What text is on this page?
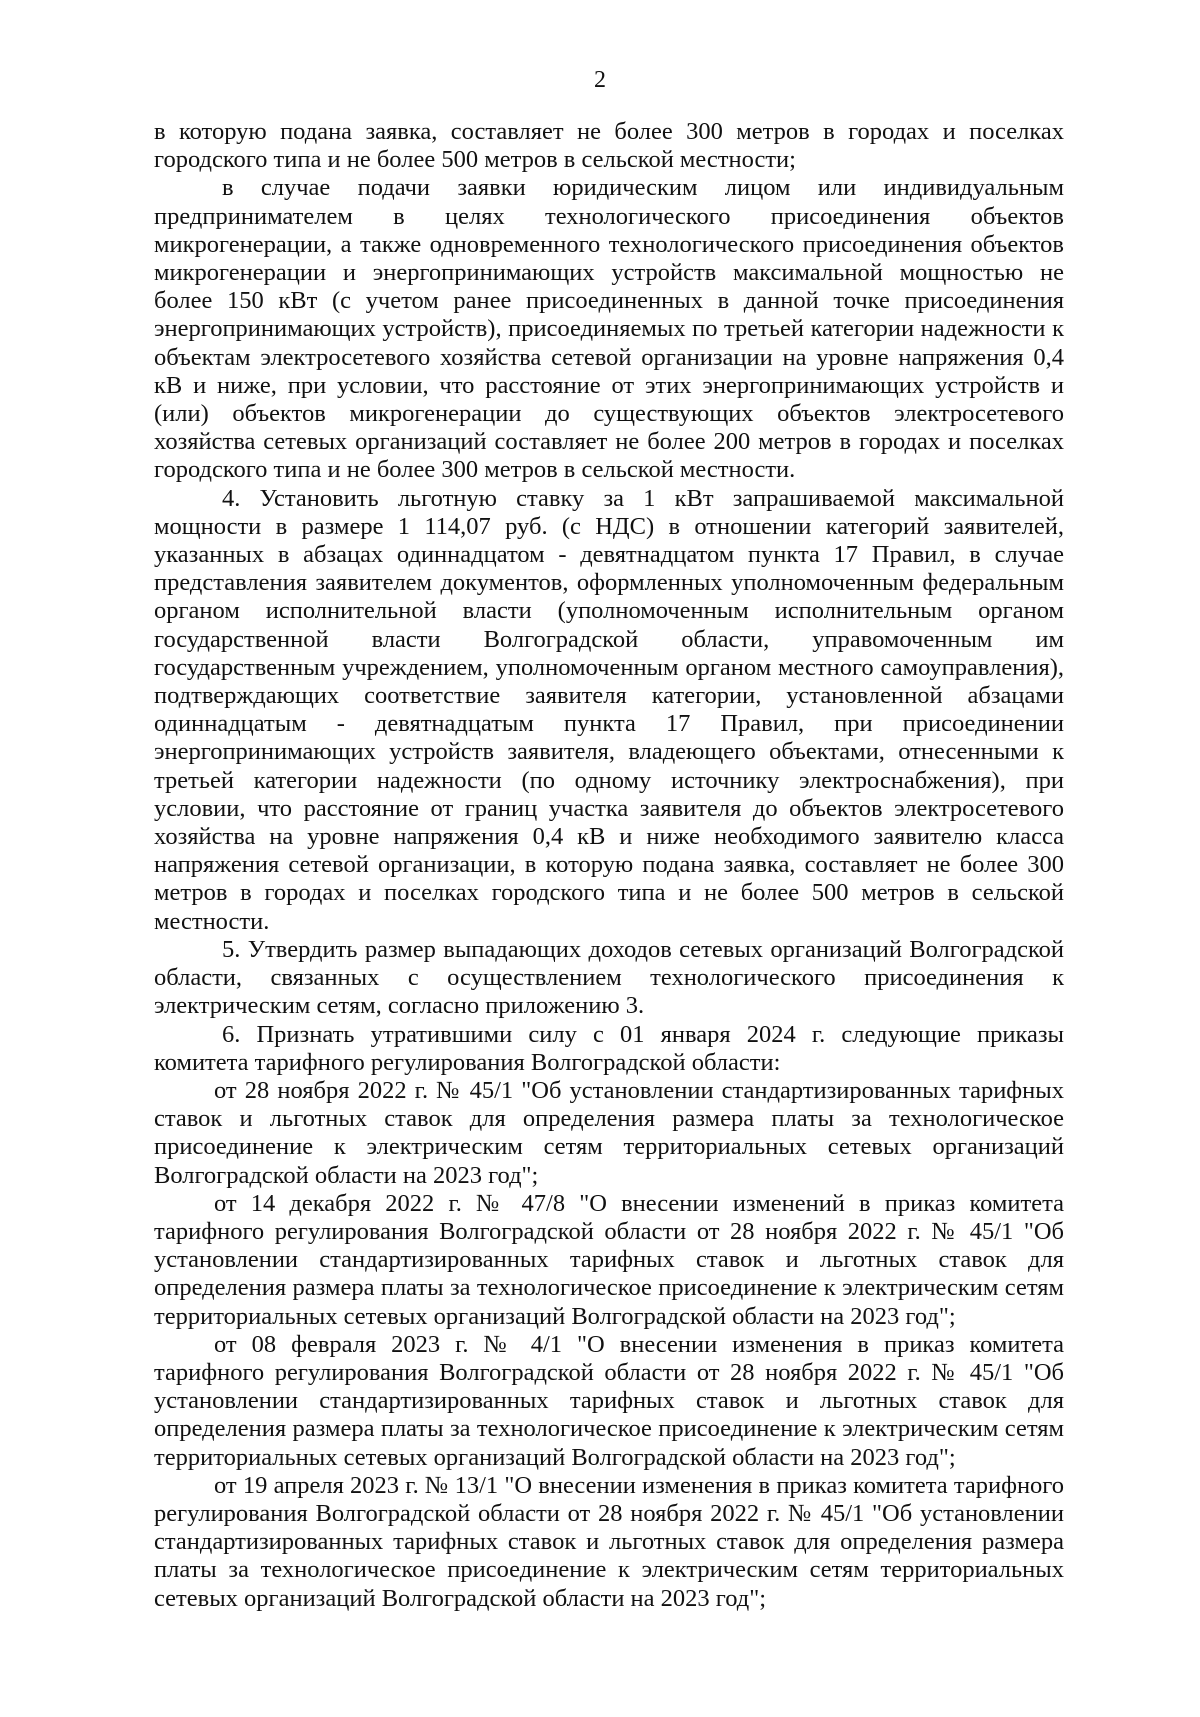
2

в которую подана заявка, составляет не более 300 метров в городах и поселках городского типа и не более 500 метров в сельской местности;

в случае подачи заявки юридическим лицом или индивидуальным предпринимателем в целях технологического присоединения объектов микрогенерации, а также одновременного технологического присоединения объектов микрогенерации и энергопринимающих устройств максимальной мощностью не более 150 кВт (с учетом ранее присоединенных в данной точке присоединения энергопринимающих устройств), присоединяемых по третьей категории надежности к объектам электросетевого хозяйства сетевой организации на уровне напряжения 0,4 кВ и ниже, при условии, что расстояние от этих энергопринимающих устройств и (или) объектов микрогенерации до существующих объектов электросетевого хозяйства сетевых организаций составляет не более 200 метров в городах и поселках городского типа и не более 300 метров в сельской местности.

4. Установить льготную ставку за 1 кВт запрашиваемой максимальной мощности в размере 1 114,07 руб. (с НДС) в отношении категорий заявителей, указанных в абзацах одиннадцатом - девятнадцатом пункта 17 Правил, в случае представления заявителем документов, оформленных уполномоченным федеральным органом исполнительной власти (уполномоченным исполнительным органом государственной власти Волгоградской области, управомоченным им государственным учреждением, уполномоченным органом местного самоуправления), подтверждающих соответствие заявителя категории, установленной абзацами одиннадцатым - девятнадцатым пункта 17 Правил, при присоединении энергопринимающих устройств заявителя, владеющего объектами, отнесенными к третьей категории надежности (по одному источнику электроснабжения), при условии, что расстояние от границ участка заявителя до объектов электросетевого хозяйства на уровне напряжения 0,4 кВ и ниже необходимого заявителю класса напряжения сетевой организации, в которую подана заявка, составляет не более 300 метров в городах и поселках городского типа и не более 500 метров в сельской местности.

5. Утвердить размер выпадающих доходов сетевых организаций Волгоградской области, связанных с осуществлением технологического присоединения к электрическим сетям, согласно приложению 3.

6. Признать утратившими силу с 01 января 2024 г. следующие приказы комитета тарифного регулирования Волгоградской области:

от 28 ноября 2022 г. № 45/1 "Об установлении стандартизированных тарифных ставок и льготных ставок для определения размера платы за технологическое присоединение к электрическим сетям территориальных сетевых организаций Волгоградской области на 2023 год";

от 14 декабря 2022 г. № 47/8 "О внесении изменений в приказ комитета тарифного регулирования Волгоградской области от 28 ноября 2022 г. № 45/1 "Об установлении стандартизированных тарифных ставок и льготных ставок для определения размера платы за технологическое присоединение к электрическим сетям территориальных сетевых организаций Волгоградской области на 2023 год";

от 08 февраля 2023 г. № 4/1 "О внесении изменения в приказ комитета тарифного регулирования Волгоградской области от 28 ноября 2022 г. № 45/1 "Об установлении стандартизированных тарифных ставок и льготных ставок для определения размера платы за технологическое присоединение к электрическим сетям территориальных сетевых организаций Волгоградской области на 2023 год";

от 19 апреля 2023 г. № 13/1 "О внесении изменения в приказ комитета тарифного регулирования Волгоградской области от 28 ноября 2022 г. № 45/1 "Об установлении стандартизированных тарифных ставок и льготных ставок для определения размера платы за технологическое присоединение к электрическим сетям территориальных сетевых организаций Волгоградской области на 2023 год";
